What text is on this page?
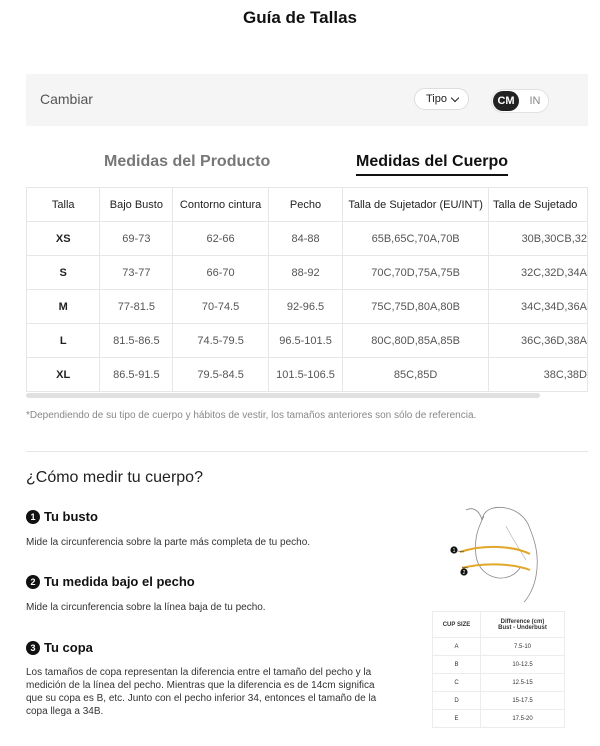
Guía de Tallas
Cambiar	Tipo	CM	IN
Medidas del Producto	Medidas del Cuerpo
Talla	Bajo Busto	Contorno cintura	Pecho	Talla de Sujetador (EU/INT)	Talla de Sujetado
XS	69-73	62-66	84-88	65B,65C,70A,70B	30B,30CB,32
S	73-77	66-70	88-92	70C,70D,75A,75B	32C,32D,34A
M	77-81.5	70-74.5	92-96.5	75C,75D,80A,80B	34C,34D,36A
L	81.5-86.5	74.5-79.5	96.5-101.5	80C,80D,85A,85B	36C,36D,38A
XL	86.5-91.5	79.5-84.5	101.5-106.5	85C,85D	38C,38D
*Dependiendo de su tipo de cuerpo y hábitos de vestir, los tamaños anteriores son sólo de referencia.
¿Cómo medir tu cuerpo?
1 Tu busto
Mide la circunferencia sobre la parte más completa de tu pecho.
2 Tu medida bajo el pecho
Mide la circunferencia sobre la línea baja de tu pecho.
3 Tu copa
Los tamaños de copa representan la diferencia entre el tamaño del pecho y la medición de la línea del pecho. Mientras que la diferencia es de 14cm significa que su copa es B, etc. Junto con el pecho inferior 34, entonces el tamaño de la copa llega a 34B.
1
2
CUP SIZE	Difference (cm)
Bust - Underbust

A	7.5-10
B	10-12.5
C	12.5-15
D	15-17.5
E	17.5-20
